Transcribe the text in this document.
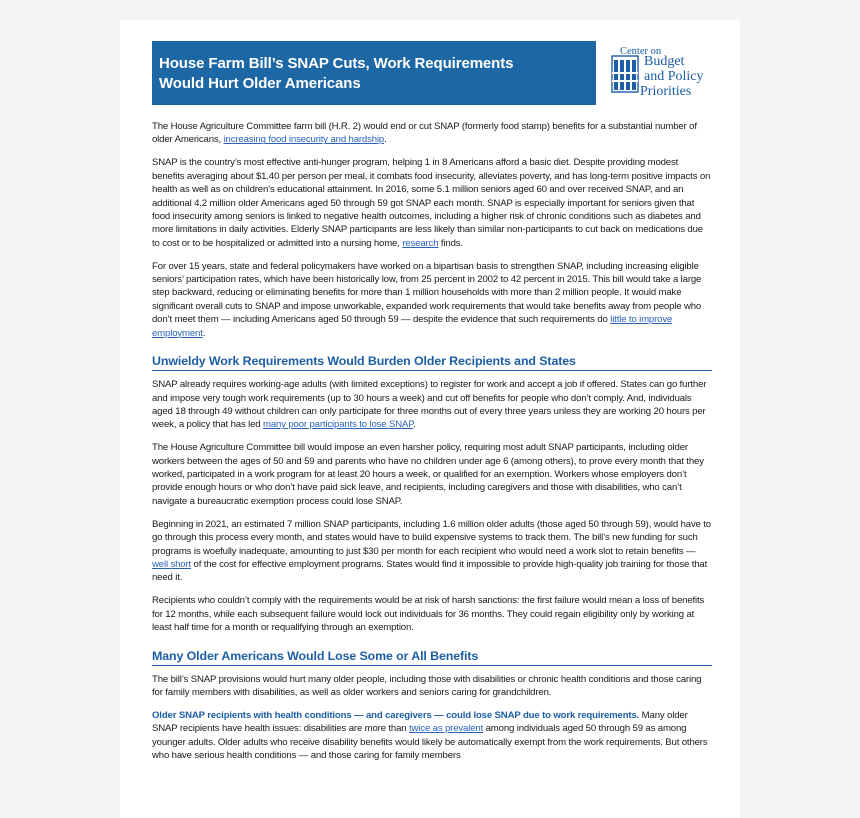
House Farm Bill’s SNAP Cuts, Work Requirements
Would Hurt Older Americans
Center on
Budget
and Policy
Priorities

The House Agriculture Committee farm bill (H.R. 2) would end or cut SNAP (formerly food stamp) benefits for a substantial number of older Americans, increasing food insecurity and hardship.

SNAP is the country’s most effective anti-hunger program, helping 1 in 8 Americans afford a basic diet. Despite providing modest benefits averaging about $1.40 per person per meal, it combats food insecurity, alleviates poverty, and has long-term positive impacts on health as well as on children’s educational attainment. In 2016, some 5.1 million seniors aged 60 and over received SNAP, and an additional 4.2 million older Americans aged 50 through 59 got SNAP each month. SNAP is especially important for seniors given that food insecurity among seniors is linked to negative health outcomes, including a higher risk of chronic conditions such as diabetes and more limitations in daily activities. Elderly SNAP participants are less likely than similar non-participants to cut back on medications due to cost or to be hospitalized or admitted into a nursing home, research finds.

For over 15 years, state and federal policymakers have worked on a bipartisan basis to strengthen SNAP, including increasing eligible seniors’ participation rates, which have been historically low, from 25 percent in 2002 to 42 percent in 2015. This bill would take a large step backward, reducing or eliminating benefits for more than 1 million households with more than 2 million people. It would make significant overall cuts to SNAP and impose unworkable, expanded work requirements that would take benefits away from people who don’t meet them — including Americans aged 50 through 59 — despite the evidence that such requirements do little to improve employment.

Unwieldy Work Requirements Would Burden Older Recipients and States

SNAP already requires working-age adults (with limited exceptions) to register for work and accept a job if offered. States can go further and impose very tough work requirements (up to 30 hours a week) and cut off benefits for people who don’t comply. And, individuals aged 18 through 49 without children can only participate for three months out of every three years unless they are working 20 hours per week, a policy that has led many poor participants to lose SNAP.

The House Agriculture Committee bill would impose an even harsher policy, requiring most adult SNAP participants, including older workers between the ages of 50 and 59 and parents who have no children under age 6 (among others), to prove every month that they worked, participated in a work program for at least 20 hours a week, or qualified for an exemption. Workers whose employers don’t provide enough hours or who don’t have paid sick leave, and recipients, including caregivers and those with disabilities, who can’t navigate a bureaucratic exemption process could lose SNAP.

Beginning in 2021, an estimated 7 million SNAP participants, including 1.6 million older adults (those aged 50 through 59), would have to go through this process every month, and states would have to build expensive systems to track them. The bill’s new funding for such programs is woefully inadequate, amounting to just $30 per month for each recipient who would need a work slot to retain benefits — well short of the cost for effective employment programs. States would find it impossible to provide high-quality job training for those that need it.

Recipients who couldn’t comply with the requirements would be at risk of harsh sanctions: the first failure would mean a loss of benefits for 12 months, while each subsequent failure would lock out individuals for 36 months. They could regain eligibility only by working at least half time for a month or requalifying through an exemption.

Many Older Americans Would Lose Some or All Benefits

The bill’s SNAP provisions would hurt many older people, including those with disabilities or chronic health conditions and those caring for family members with disabilities, as well as older workers and seniors caring for grandchildren.

Older SNAP recipients with health conditions — and caregivers — could lose SNAP due to work requirements. Many older SNAP recipients have health issues: disabilities are more than twice as prevalent among individuals aged 50 through 59 as among younger adults. Older adults who receive disability benefits would likely be automatically exempt from the work requirements. But others who have serious health conditions — and those caring for family members
